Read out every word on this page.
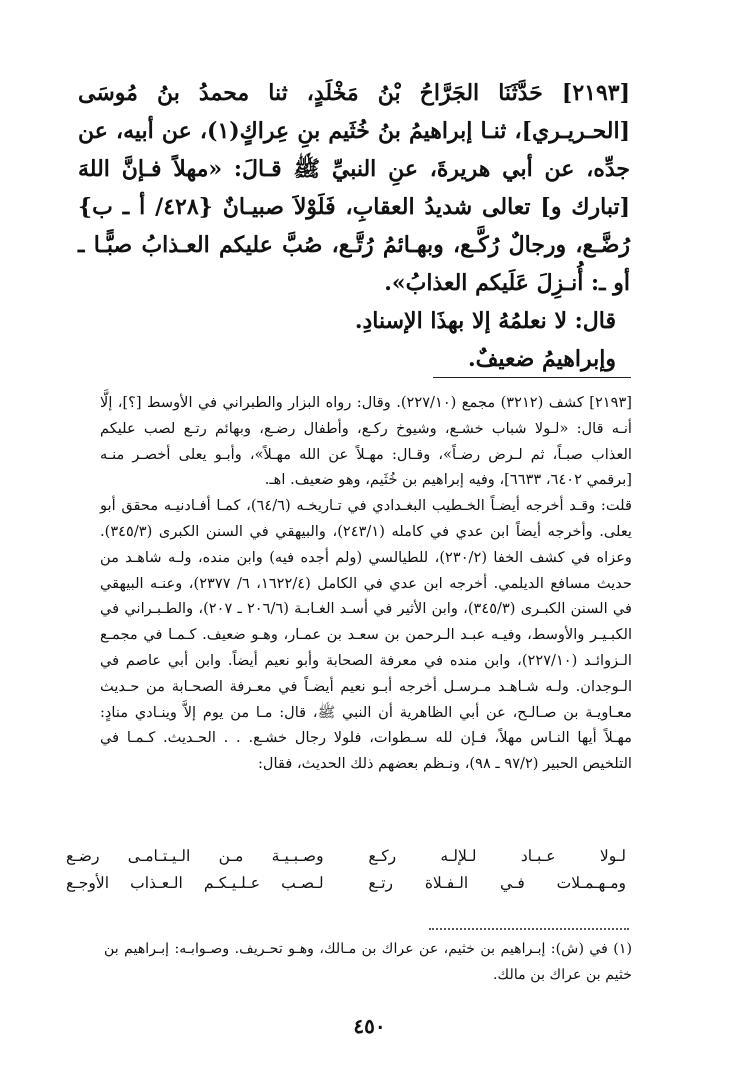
[٢١٩٣] حَدَّثَنَا الجَرَّاحُ بْنُ مَخْلَدٍ، ثنا محمدُ بنُ مُوسَى [الحـريـري]، ثنـا إبراهيمُ بنُ خُثَيم بنِ عِراكٍ(١)، عن أبيه، عن جدِّه، عن أبي هريرةَ، عنِ النبيِّ ﷺ قـالَ: «مهلاً فـإنَّ اللهَ [تبارك و] تعالى شديدُ العقابِ، فَلَوْلاَ صبيـانٌ {٤٢٨/ أ ـ ب} رُضَّـع، ورجالٌ رُكَّـع، وبهـائمُ رُتَّـع، صُبَّ عليكم العـذابُ صبًّـا ـ أو ـ: أُنـزِلَ عَلَيكم العذابُ».

قال: لا نعلمُهُ إلا بهذَا الإسنادِ.

وإبراهيمُ ضعيفٌ.

[٢١٩٣] كشف (٣٢١٢) مجمع (٢٢٧/١٠). وقال: رواه البزار والطبراني في الأوسط [؟]، إلَّا أنـه قال: «لـولا شباب خشـع، وشيوخ ركـع، وأطفال رضـع، وبهائم رتـع لصب عليكم العذاب صبـاً، ثم لـرض رضـاً»، وقـال: مهـلاً عن الله مهـلاً»، وأبـو يعلى أخصـر منـه [برقمي ٦٤٠٢، ٦٦٣٣]، وفيه إبراهيم بن خُثَيم، وهو ضعيف. اهـ.

قلت: وقـد أخرجه أيضـاً الخـطيب البغـدادي في تـاريخـه (٦٤/٦)، كمـا أفـادنيـه محقق أبو يعلى. وأخرجه أيضاً ابن عدي في كامله (٢٤٣/١)، والبيهقي في السنن الكبرى (٣٤٥/٣). وعزاه في كشف الخفا (٢٣٠/٢)، للطيالسي (ولم أجده فيه) وابن منده، ولـه شاهـد من حديث مسافع الديلمي. أخرجه ابن عدي في الكامل (١٦٢٢/٤، ٦/ ٢٣٧٧)، وعنـه البيهقي في السنن الكبـرى (٣٤٥/٣)، وابن الأثير في أسـد الغـابـة (٢٠٦/٦ ـ ٢٠٧)، والطـبـراني في الكبـيـر والأوسط، وفيـه عبـد الـرحمن بن سعـد بن عمـار، وهـو ضعيف. كـمـا في مجمـع الـزوائـد (٢٢٧/١٠)، وابن منده في معرفة الصحابة وأبو نعيم أيضاً. وابن أبي عاصم في الـوجدان. ولـه شـاهـد مـرسـل أخرجه أبـو نعيم أيضـاً في معـرفة الصحـابة من حـديث معـاويـة بن صـالـح، عن أبي الظاهرية أن النبي ﷺ، قال: مـا من يوم إلاَّ وينـادي منادٍ: مهـلاً أيها النـاس مهلاً، فـإن لله سـطوات، فلولا رجال خشـع. . . الحـديث. كـمـا في التلخيص الحبير (٩٧/٢ ـ ٩٨)، ونـظم بعضهم ذلك الحديث، فقال:

لـولا عـبـاد لـلإلـه ركـع
وصـبـيـة مـن الـيـتـامـى رضـع
ومـهـمـلات فـي الـفـلاة رتـع
لـصـب عـلـيـكـم الـعـذاب الأوجـع

(١) في (ش): إبـراهيم بن خثيم، عن عراك بن مـالك، وهـو تحـريف. وصـوابـه: إبـراهيم بن خثيم بن عراك بن مالك.

٤٥٠
